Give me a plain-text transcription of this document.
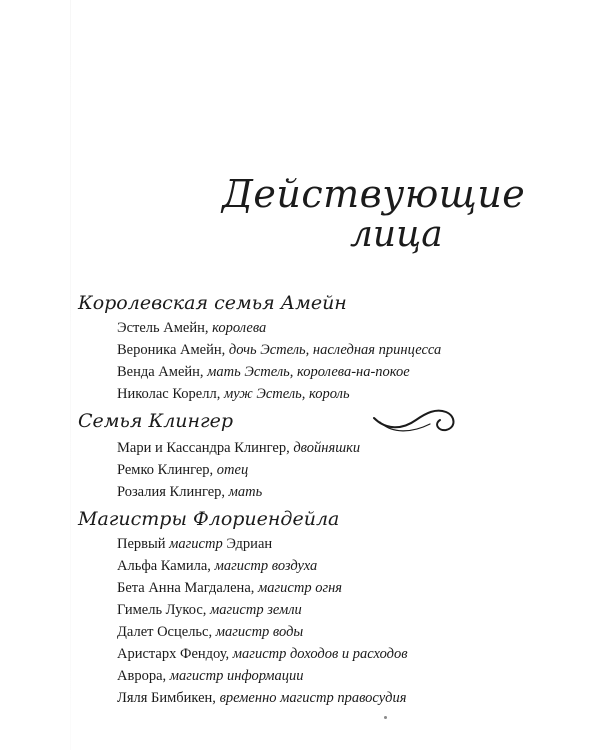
Действующие
лица
Королевская семья Амейн
Эстель Амейн, королева
Вероника Амейн, дочь Эстель, наследная принцесса
Венда Амейн, мать Эстель, королева-на-покое
Николас Корелл, муж Эстель, король
Семья Клингер
Мари и Кассандра Клингер, двойняшки
Ремко Клингер, отец
Розалия Клингер, мать
Магистры Флориендейла
Первый магистр Эдриан
Альфа Камила, магистр воздуха
Бета Анна Магдалена, магистр огня
Гимель Лукос, магистр земли
Далет Осцельс, магистр воды
Аристарх Фендоу, магистр доходов и расходов
Аврора, магистр информации
Ляля Бимбикен, временно магистр правосудия
